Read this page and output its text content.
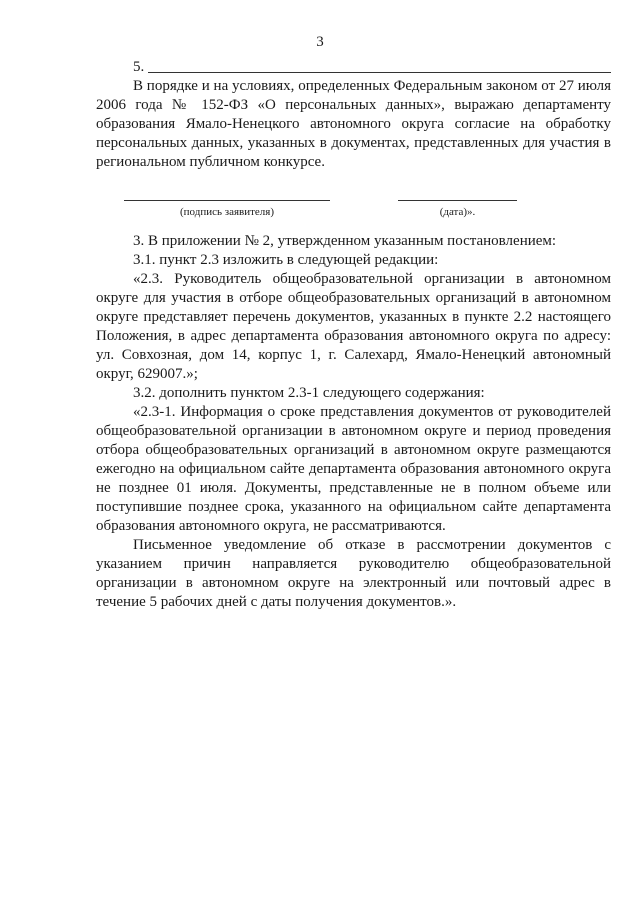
3
5.

В порядке и на условиях, определенных Федеральным законом от 27 июля 2006 года № 152-ФЗ «О персональных данных», выражаю департаменту образования Ямало-Ненецкого автономного округа согласие на обработку персональных данных, указанных в документах, представленных для участия в региональном публичном конкурсе.

(подпись заявителя)	(дата)».

3. В приложении № 2, утвержденном указанным постановлением:

3.1. пункт 2.3 изложить в следующей редакции:

«2.3. Руководитель общеобразовательной организации в автономном округе для участия в отборе общеобразовательных организаций в автономном округе представляет перечень документов, указанных в пункте 2.2 настоящего Положения, в адрес департамента образования автономного округа по адресу: ул. Совхозная, дом 14, корпус 1, г. Салехард, Ямало-Ненецкий автономный округ, 629007.»;

3.2. дополнить пунктом 2.3-1 следующего содержания:

«2.3-1. Информация о сроке представления документов от руководителей общеобразовательной организации в автономном округе и период проведения отбора общеобразовательных организаций в автономном округе размещаются ежегодно на официальном сайте департамента образования автономного округа не позднее 01 июля. Документы, представленные не в полном объеме или поступившие позднее срока, указанного на официальном сайте департамента образования автономного округа, не рассматриваются.

Письменное уведомление об отказе в рассмотрении документов с указанием причин направляется руководителю общеобразовательной организации в автономном округе на электронный или почтовый адрес в течение 5 рабочих дней с даты получения документов.».
